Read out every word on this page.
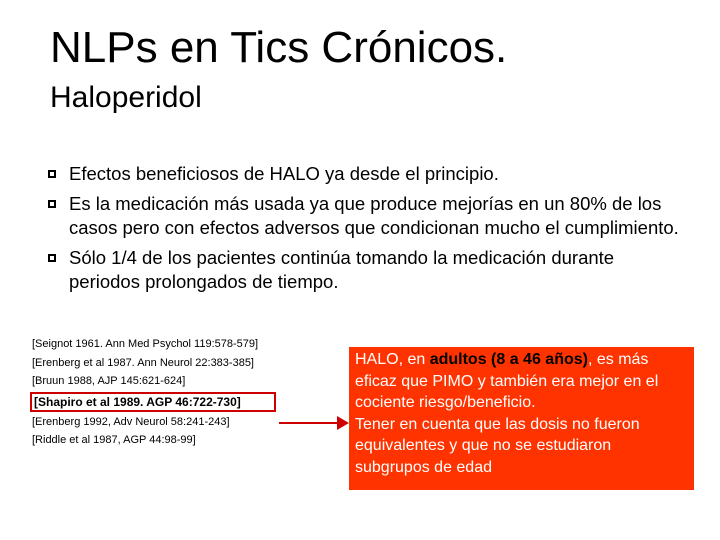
NLPs en Tics Crónicos.
Haloperidol
Efectos beneficiosos de HALO ya desde el principio.
Es la medicación más usada ya que produce mejorías en un 80% de los casos pero con efectos adversos que condicionan mucho el cumplimiento.
Sólo 1/4 de los pacientes continúa tomando la medicación durante periodos prolongados de tiempo.
[Seignot 1961. Ann Med Psychol 119:578-579]
[Erenberg et al 1987. Ann Neurol 22:383-385]
[Bruun 1988, AJP 145:621-624]
[Shapiro et al 1989. AGP 46:722-730]
[Erenberg 1992, Adv Neurol 58:241-243]
[Riddle et al 1987, AGP 44:98-99]
HALO, en adultos (8 a 46 años), es más eficaz que PIMO y también era mejor en el cociente riesgo/beneficio.
Tener en cuenta que las dosis no fueron equivalentes y que no se estudiaron subgrupos de edad
